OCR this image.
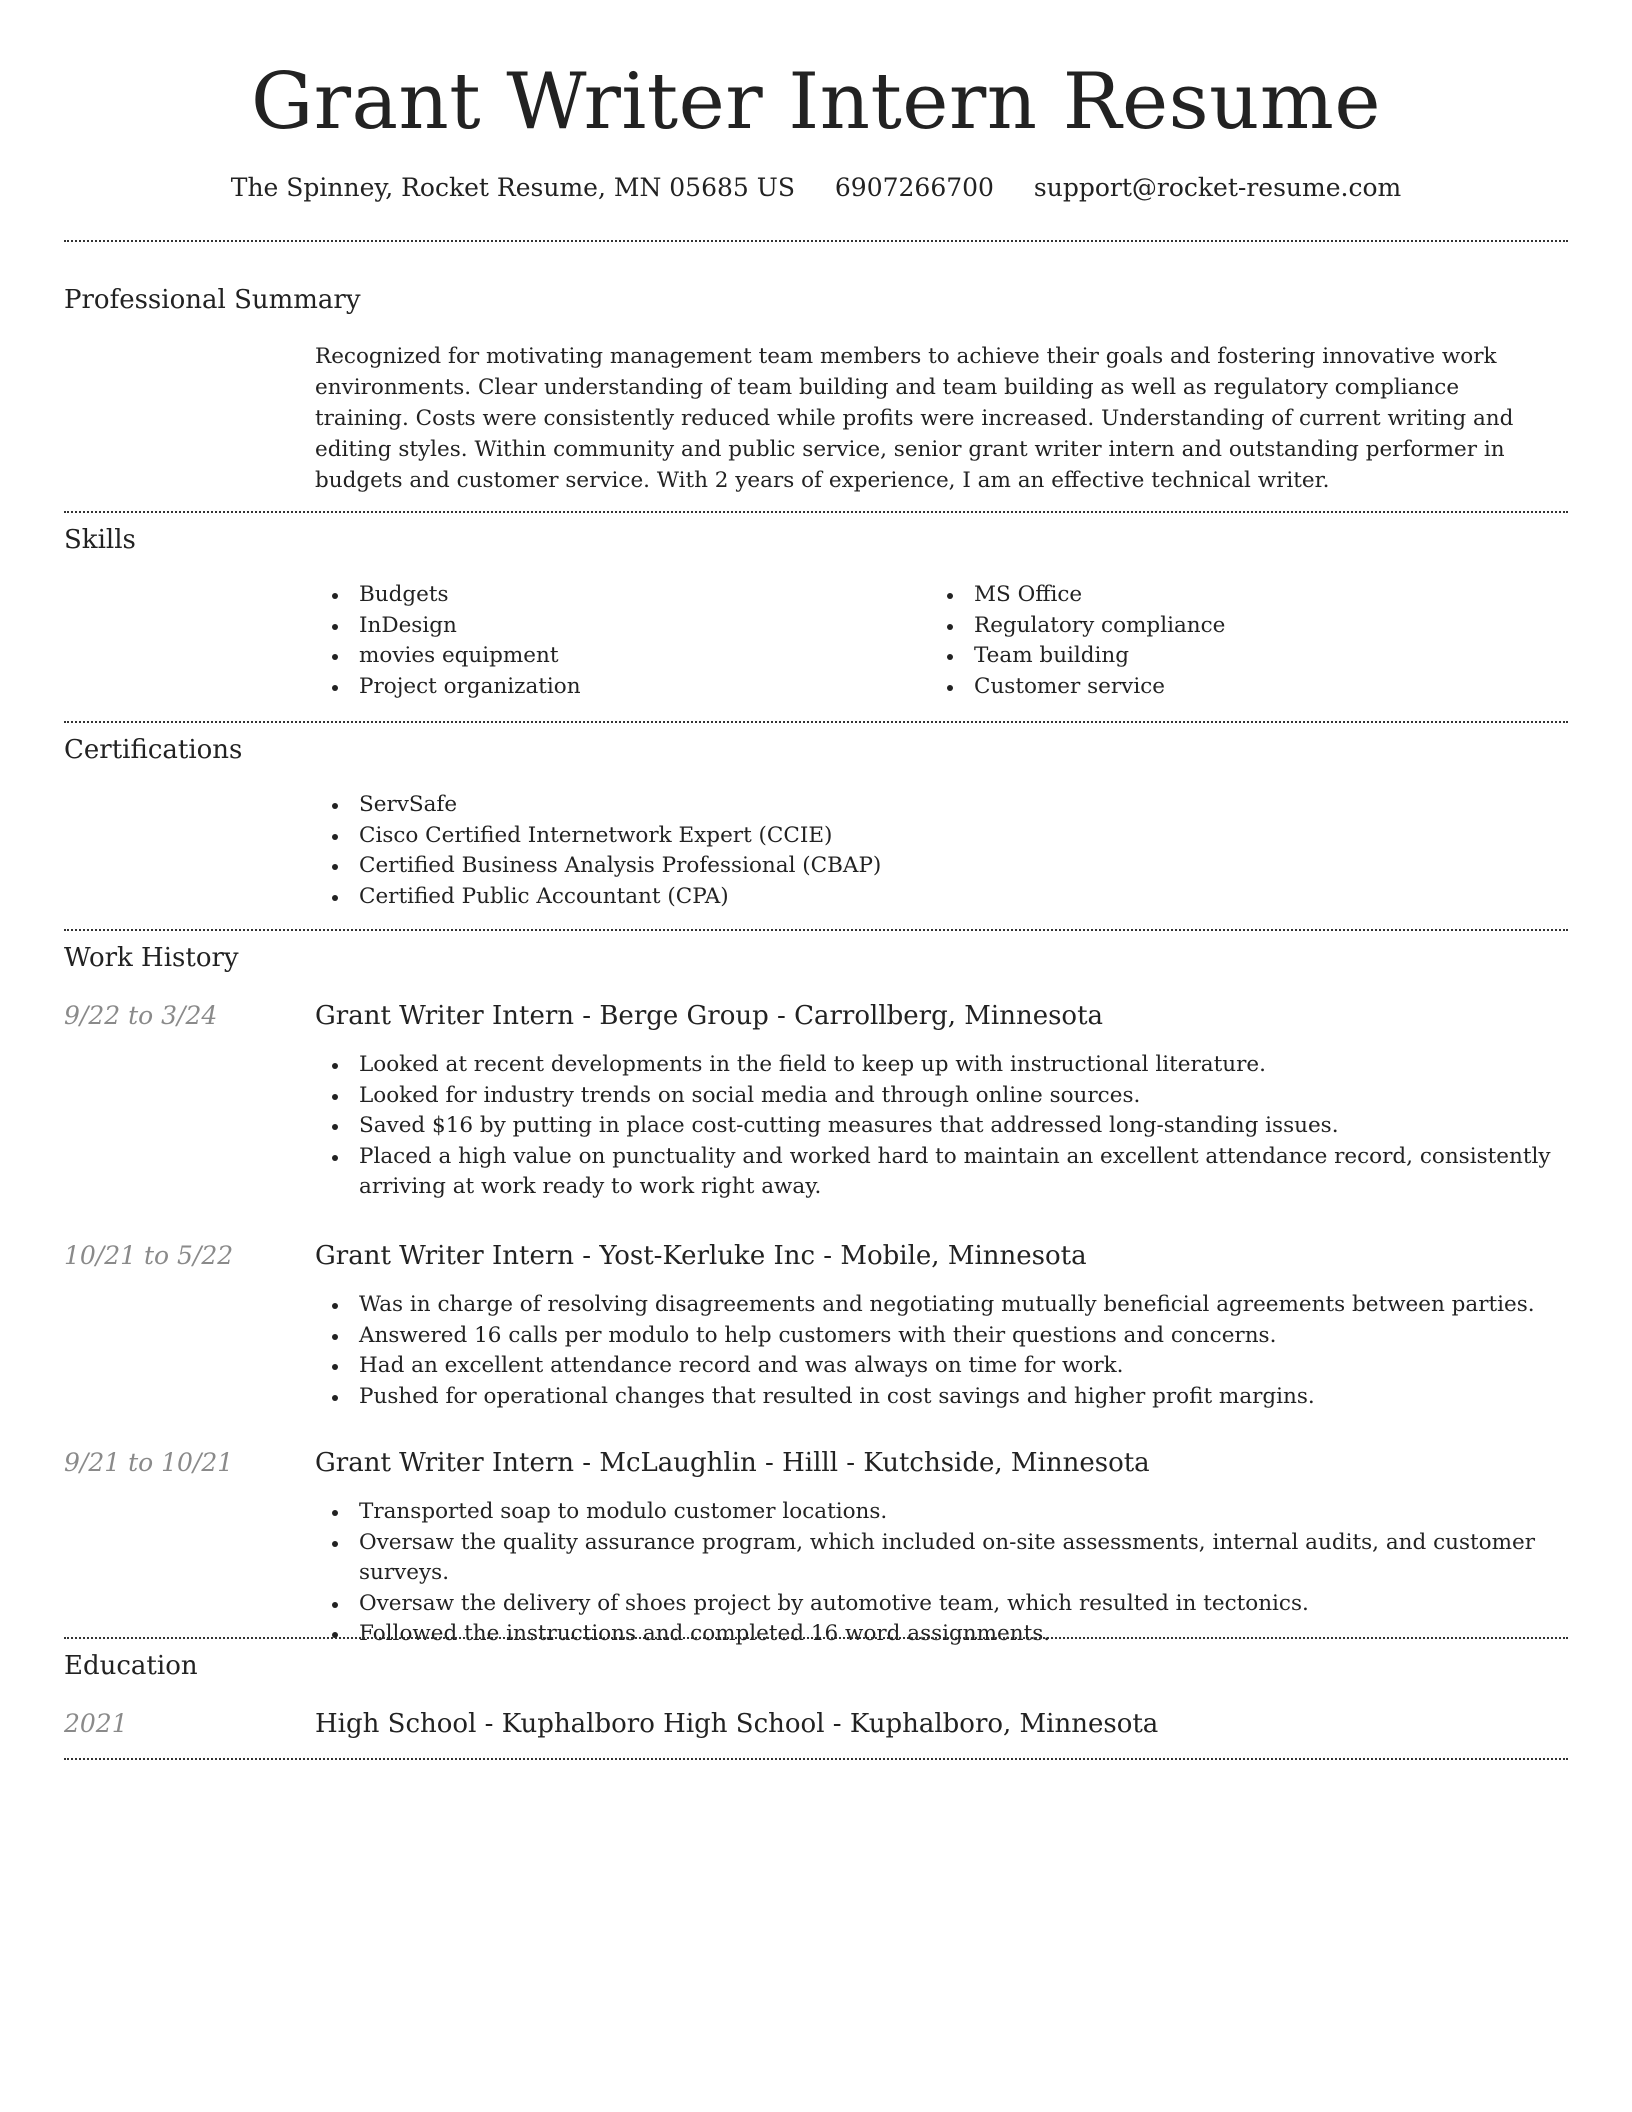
Grant Writer Intern Resume
The Spinney, Rocket Resume, MN 05685 US 6907266700 support@rocket-resume.com
Professional Summary

Recognized for motivating management team members to achieve their goals and fostering innovative work environments. Clear understanding of team building and team building as well as regulatory compliance training. Costs were consistently reduced while profits were increased. Understanding of current writing and editing styles. Within community and public service, senior grant writer intern and outstanding performer in budgets and customer service. With 2 years of experience, I am an effective technical writer.

Skills
Budgets
InDesign
movies equipment
Project organization
MS Office
Regulatory compliance
Team building
Customer service
Certifications
ServSafe
Cisco Certified Internetwork Expert (CCIE)
Certified Business Analysis Professional (CBAP)
Certified Public Accountant (CPA)
Work History
9/22 to 3/24	Grant Writer Intern - Berge Group - Carrollberg, Minnesota
Looked at recent developments in the field to keep up with instructional literature.
Looked for industry trends on social media and through online sources.
Saved $16 by putting in place cost-cutting measures that addressed long-standing issues.
Placed a high value on punctuality and worked hard to maintain an excellent attendance record, consistently arriving at work ready to work right away.
10/21 to 5/22	Grant Writer Intern - Yost-Kerluke Inc - Mobile, Minnesota
Was in charge of resolving disagreements and negotiating mutually beneficial agreements between parties.
Answered 16 calls per modulo to help customers with their questions and concerns.
Had an excellent attendance record and was always on time for work.
Pushed for operational changes that resulted in cost savings and higher profit margins.
9/21 to 10/21	Grant Writer Intern - McLaughlin - Hilll - Kutchside, Minnesota
Transported soap to modulo customer locations.
Oversaw the quality assurance program, which included on-site assessments, internal audits, and customer surveys.
Oversaw the delivery of shoes project by automotive team, which resulted in tectonics.
Followed the instructions and completed 16 word assignments.
Education
2021	High School - Kuphalboro High School - Kuphalboro, Minnesota
